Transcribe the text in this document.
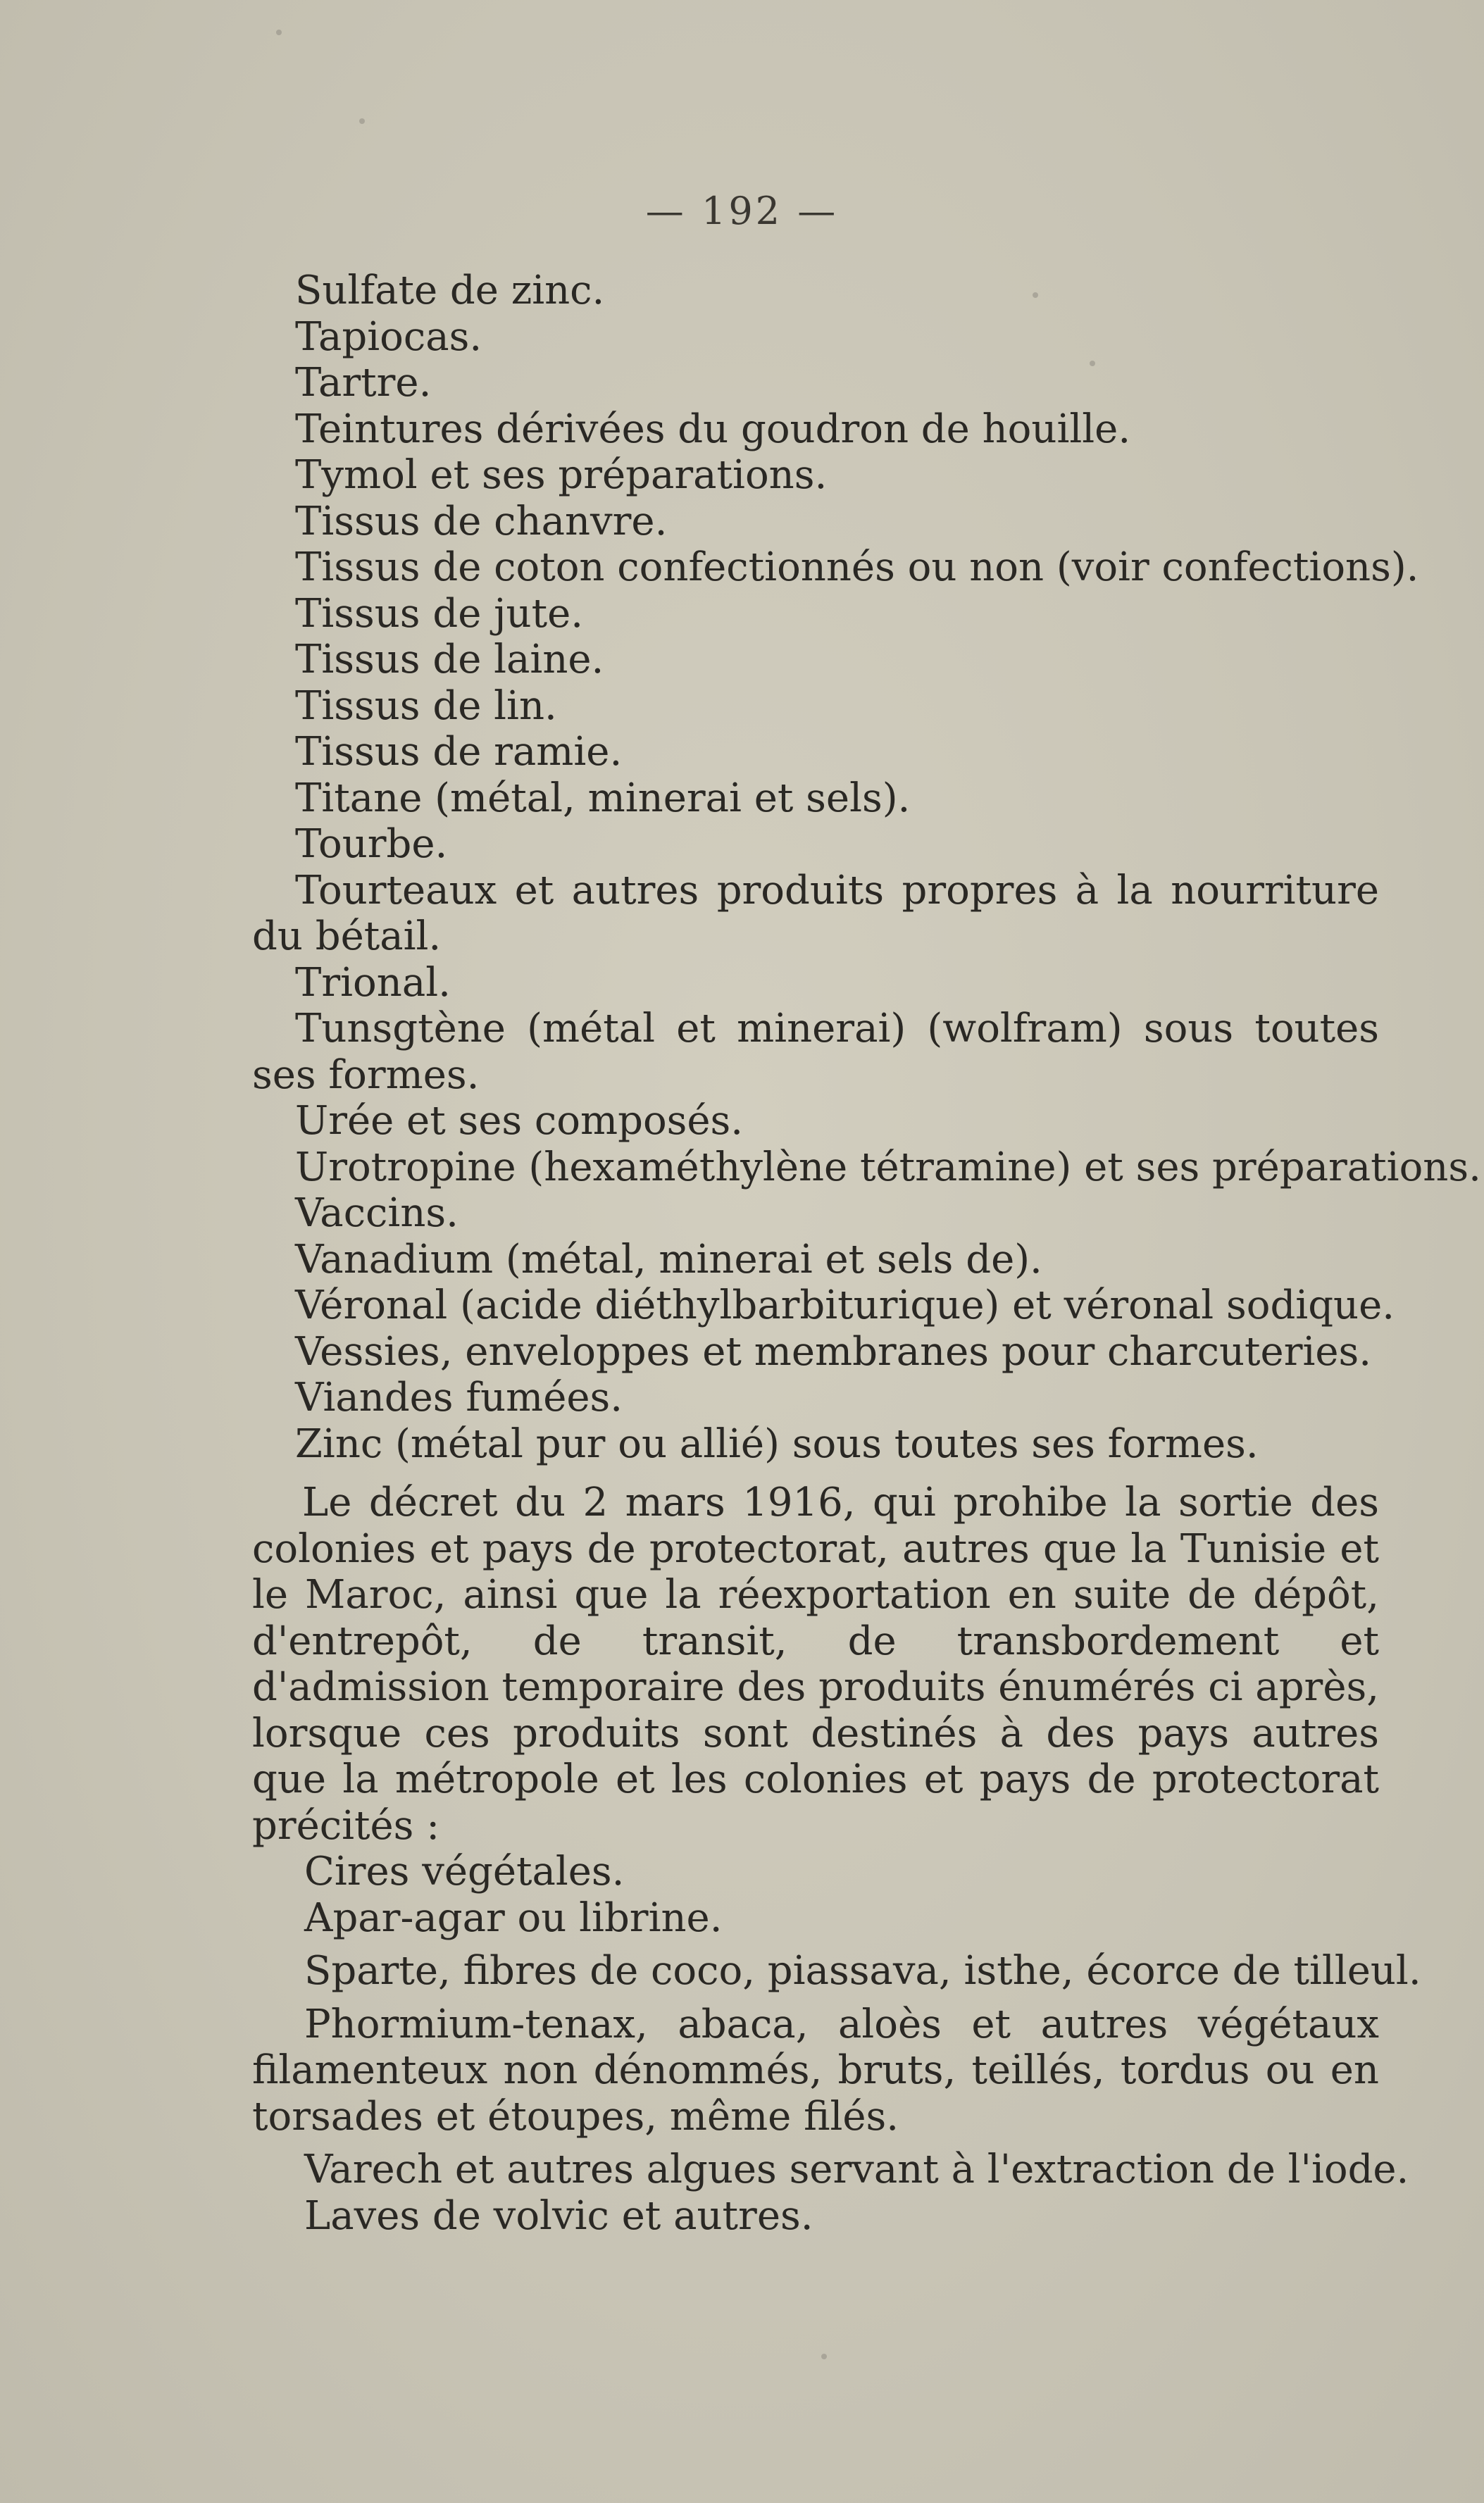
— 192 —
Sulfate de zinc.
Tapiocas.
Tartre.
Teintures dérivées du goudron de houille.
Tymol et ses préparations.
Tissus de chanvre.
Tissus de coton confectionnés ou non (voir confections).
Tissus de jute.
Tissus de laine.
Tissus de lin.
Tissus de ramie.
Titane (métal, minerai et sels).
Tourbe.
Tourteaux et autres produits propres à la nourriture du bétail.
Trional.
Tunsgtène (métal et minerai) (wolfram) sous toutes ses formes.
Urée et ses composés.
Urotropine (hexaméthylène tétramine) et ses préparations.
Vaccins.
Vanadium (métal, minerai et sels de).
Véronal (acide diéthylbarbiturique) et véronal sodique.
Vessies, enveloppes et membranes pour charcuteries.
Viandes fumées.
Zinc (métal pur ou allié) sous toutes ses formes.
Le décret du 2 mars 1916, qui prohibe la sortie des colonies et pays de protectorat, autres que la Tunisie et le Maroc, ainsi que la réexportation en suite de dépôt, d'entrepôt, de transit, de transbordement et d'admission temporaire des produits énumérés ci après, lorsque ces produits sont destinés à des pays autres que la métropole et les colonies et pays de protectorat précités :
Cires végétales.
Apar-agar ou librine.
Sparte, fibres de coco, piassava, isthe, écorce de tilleul.
Phormium-tenax, abaca, aloès et autres végétaux filamenteux non dénommés, bruts, teillés, tordus ou en torsades et étoupes, même filés.
Varech et autres algues servant à l'extraction de l'iode.
Laves de volvic et autres.
